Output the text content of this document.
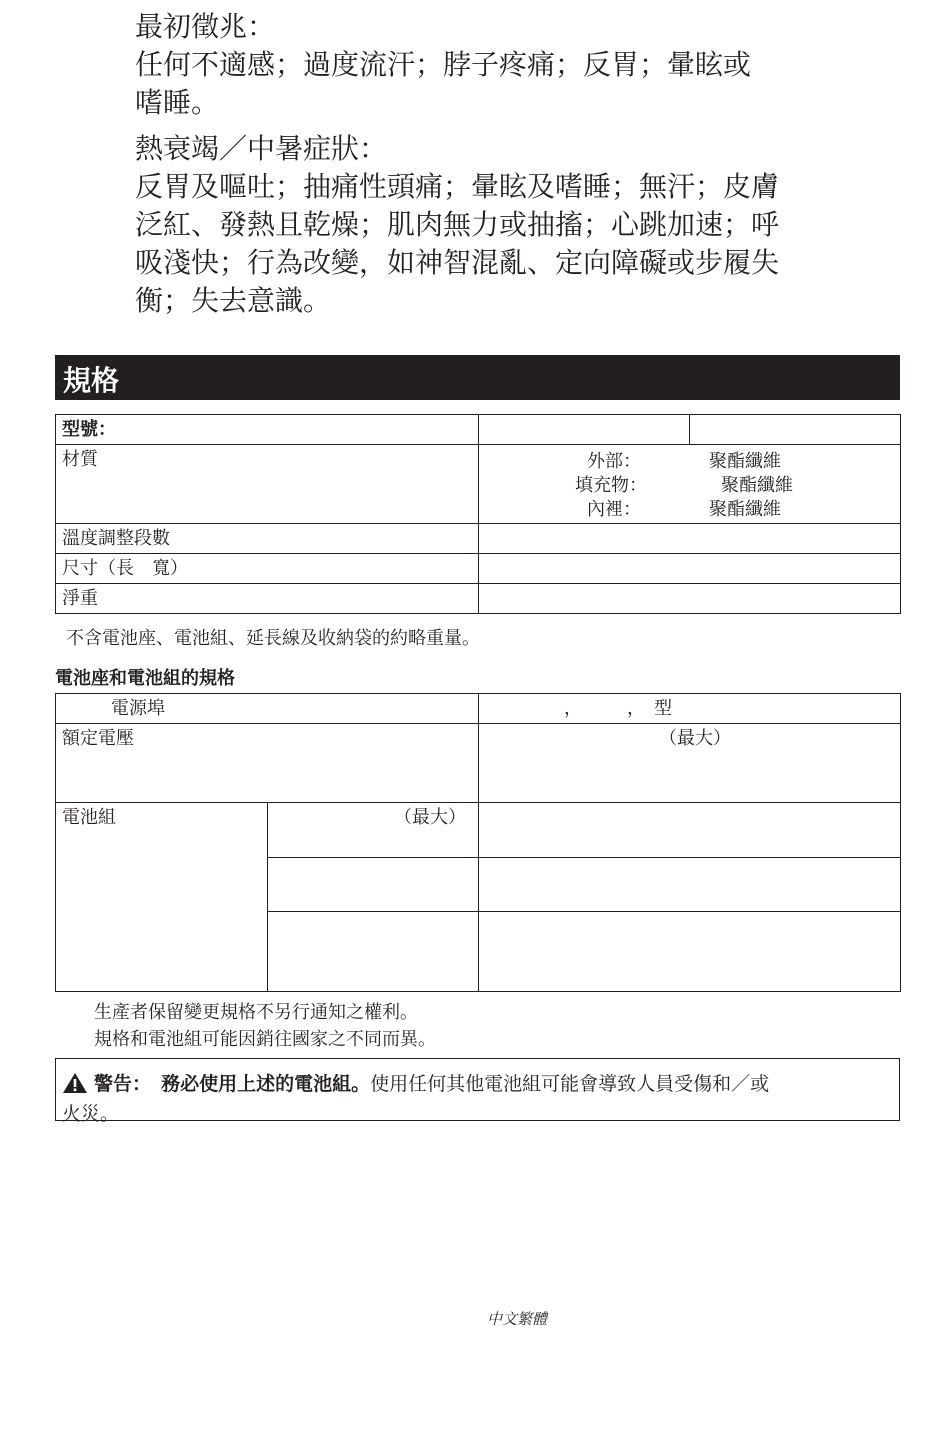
最初徵兆：

任何不適感；過度流汗；脖子疼痛；反胃；暈眩或

嗜睡。

熱衰竭／中暑症狀：

反胃及嘔吐；抽痛性頭痛；暈眩及嗜睡；無汗；皮膚

泛紅、發熱且乾燥；肌肉無力或抽搐；心跳加速；呼

吸淺快；行為改變，如神智混亂、定向障礙或步履失

衡；失去意識。

規格
型號：
材質	外部：	聚酯纖維
填充物：	聚酯纖維
內裡：	聚酯纖維
溫度調整段數
尺寸（長　寬）
淨重
不含電池座、電池組、延長線及收納袋的約略重量。
電池座和電池組的規格
電源埠	，　　　，　型
額定電壓	（最大）
電池組	（最大）
生產者保留變更規格不另行通知之權利。
規格和電池組可能因銷往國家之不同而異。
警告： 務必使用上述的電池組。使用任何其他電池組可能會導致人員受傷和／或
火災。
中文繁體
